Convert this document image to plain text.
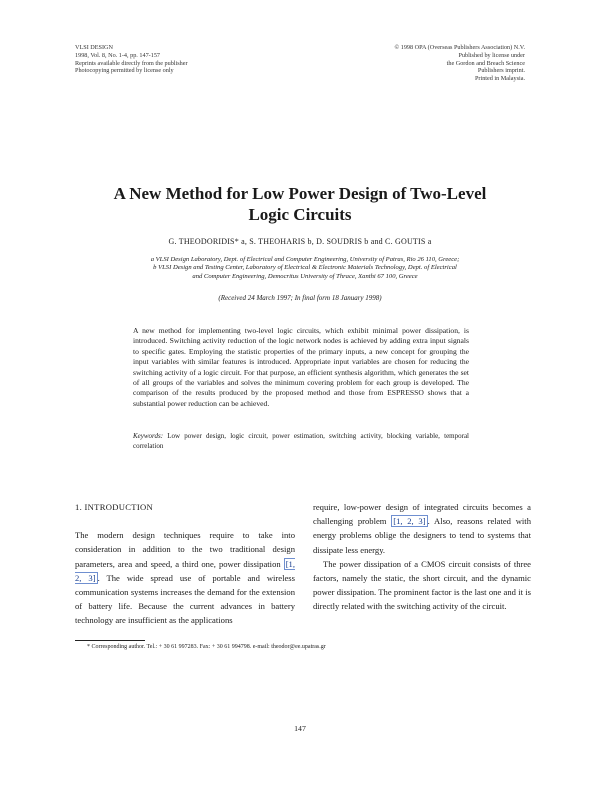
VLSI DESIGN
1998, Vol. 8, No. 1-4, pp. 147-157
Reprints available directly from the publisher
Photocopying permitted by license only
© 1998 OPA (Overseas Publishers Association) N.V.
Published by license under
the Gordon and Breach Science
Publishers imprint.
Printed in Malaysia.
A New Method for Low Power Design of Two-Level
Logic Circuits
G. THEODORIDIS* a, S. THEOHARIS b, D. SOUDRIS b and C. GOUTIS a
a VLSI Design Laboratory, Dept. of Electrical and Computer Engineering, University of Patras, Rio 26 110, Greece;
b VLSI Design and Testing Center, Laboratory of Electrical & Electronic Materials Technology, Dept. of Electrical
and Computer Engineering, Democritus University of Thrace, Xanthi 67 100, Greece
(Received 24 March 1997; In final form 18 January 1998)
A new method for implementing two-level logic circuits, which exhibit minimal power dissipation, is introduced. Switching activity reduction of the logic network nodes is achieved by adding extra input signals to specific gates. Employing the statistic properties of the primary inputs, a new concept for grouping the input variables with similar features is introduced. Appropriate input variables are chosen for reducing the switching activity of a logic circuit. For that purpose, an efficient synthesis algorithm, which generates the set of all groups of the variables and solves the minimum covering problem for each group is developed. The comparison of the results produced by the proposed method and those from ESPRESSO shows that a substantial power reduction can be achieved.
Keywords: Low power design, logic circuit, power estimation, switching activity, blocking variable, temporal correlation

1. INTRODUCTION

The modern design techniques require to take into consideration in addition to the two traditional design parameters, area and speed, a third one, power dissipation [1, 2, 3] . The wide spread use of portable and wireless communication systems increases the demand for the extension of battery life. Because the current advances in battery technology are insufficient as the applications

require, low-power design of integrated circuits becomes a challenging problem [1, 2, 3] . Also, reasons related with energy problems oblige the designers to tend to systems that dissipate less energy.

The power dissipation of a CMOS circuit consists of three factors, namely the static, the short circuit, and the dynamic power dissipation. The prominent factor is the last one and it is directly related with the switching activity of the circuit.

* Corresponding author. Tel.: + 30 61 997283. Fax: + 30 61 994798. e-mail: theodor@ee.upatras.gr
147
